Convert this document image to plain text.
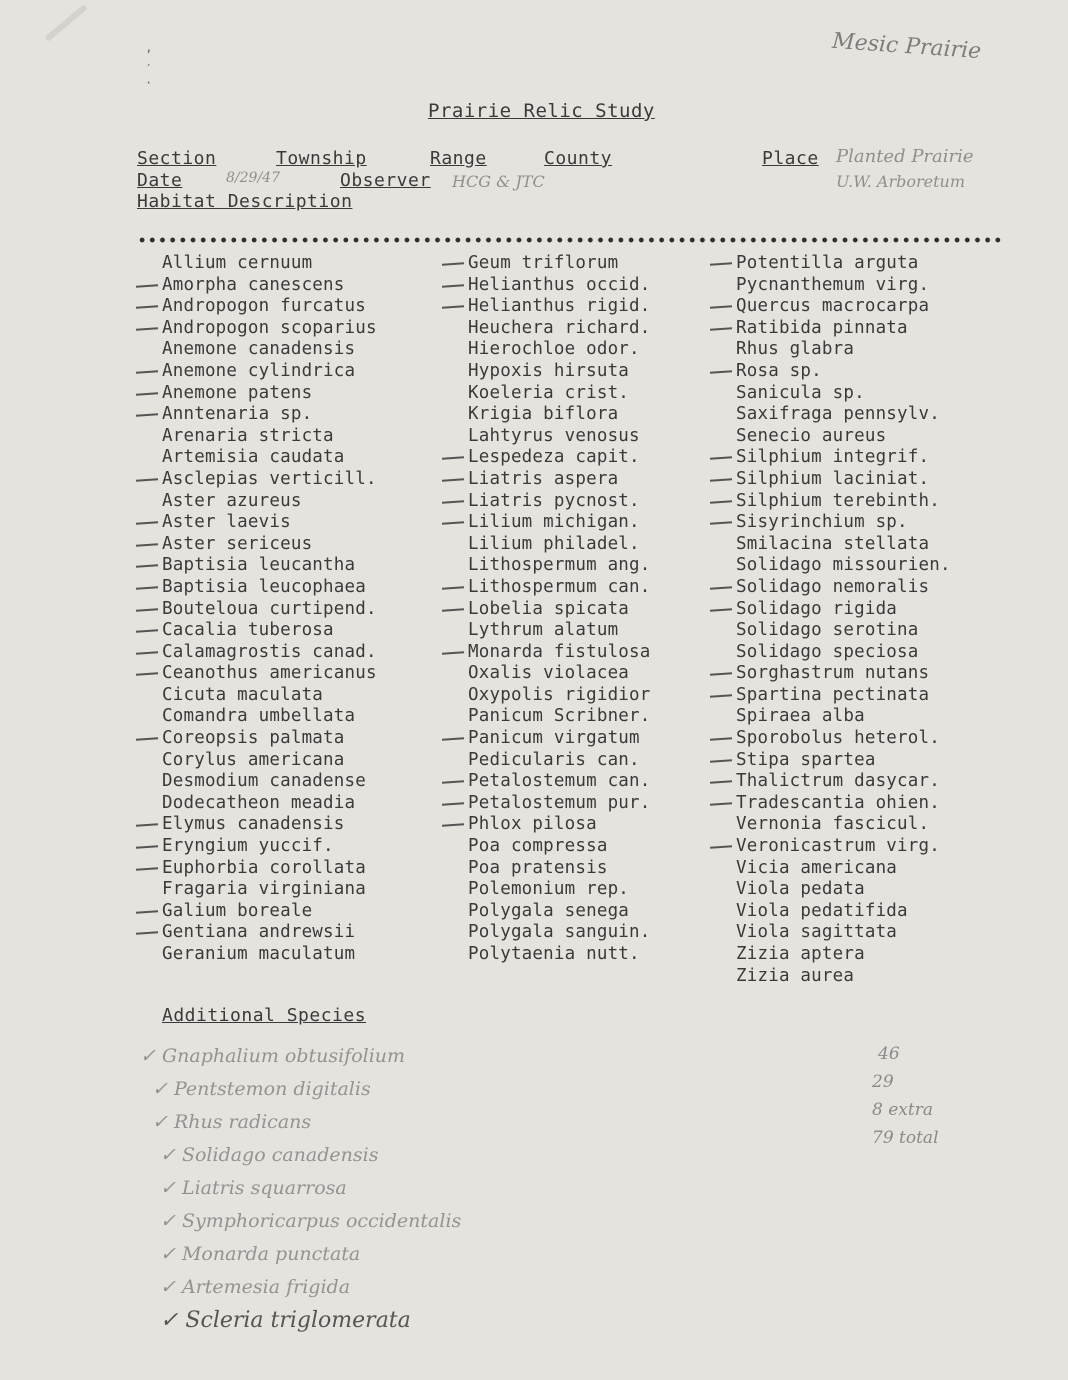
’
′
·
Mesic Prairie
Prairie Relic Study
Section	Township	Range	County	Place Planted Prairie
U.W. Arboretum
Date	8/29/47	Observer HCG & JTC
Habitat Description
Allium cernuum
Amorpha canescens
Andropogon furcatus
Andropogon scoparius
Anemone canadensis
Anemone cylindrica
Anemone patens
Anntenaria sp.
Arenaria stricta
Artemisia caudata
Asclepias verticill.
Aster azureus
Aster laevis
Aster sericeus
Baptisia leucantha
Baptisia leucophaea
Bouteloua curtipend.
Cacalia tuberosa
Calamagrostis canad.
Ceanothus americanus
Cicuta maculata
Comandra umbellata
Coreopsis palmata
Corylus americana
Desmodium canadense
Dodecatheon meadia
Elymus canadensis
Eryngium yuccif.
Euphorbia corollata
Fragaria virginiana
Galium boreale
Gentiana andrewsii
Geranium maculatum
Geum triflorum
Helianthus occid.
Helianthus rigid.
Heuchera richard.
Hierochloe odor.
Hypoxis hirsuta
Koeleria crist.
Krigia biflora
Lahtyrus venosus
Lespedeza capit.
Liatris aspera
Liatris pycnost.
Lilium michigan.
Lilium philadel.
Lithospermum ang.
Lithospermum can.
Lobelia spicata
Lythrum alatum
Monarda fistulosa
Oxalis violacea
Oxypolis rigidior
Panicum Scribner.
Panicum virgatum
Pedicularis can.
Petalostemum can.
Petalostemum pur.
Phlox pilosa
Poa compressa
Poa pratensis
Polemonium rep.
Polygala senega
Polygala sanguin.
Polytaenia nutt.
Potentilla arguta
Pycnanthemum virg.
Quercus macrocarpa
Ratibida pinnata
Rhus glabra
Rosa sp.
Sanicula sp.
Saxifraga pennsylv.
Senecio aureus
Silphium integrif.
Silphium laciniat.
Silphium terebinth.
Sisyrinchium sp.
Smilacina stellata
Solidago missourien.
Solidago nemoralis
Solidago rigida
Solidago serotina
Solidago speciosa
Sorghastrum nutans
Spartina pectinata
Spiraea alba
Sporobolus heterol.
Stipa spartea
Thalictrum dasycar.
Tradescantia ohien.
Vernonia fascicul.
Veronicastrum virg.
Vicia americana
Viola pedata
Viola pedatifida
Viola sagittata
Zizia aptera
Zizia aurea
Additional Species
✓ Gnaphalium obtusifolium
✓ Pentstemon digitalis
✓ Rhus radicans
✓ Solidago canadensis
✓ Liatris squarrosa
✓ Symphoricarpus occidentalis
✓ Monarda punctata
✓ Artemesia frigida
✓ Scleria triglomerata
46
29
8 extra
79 total
